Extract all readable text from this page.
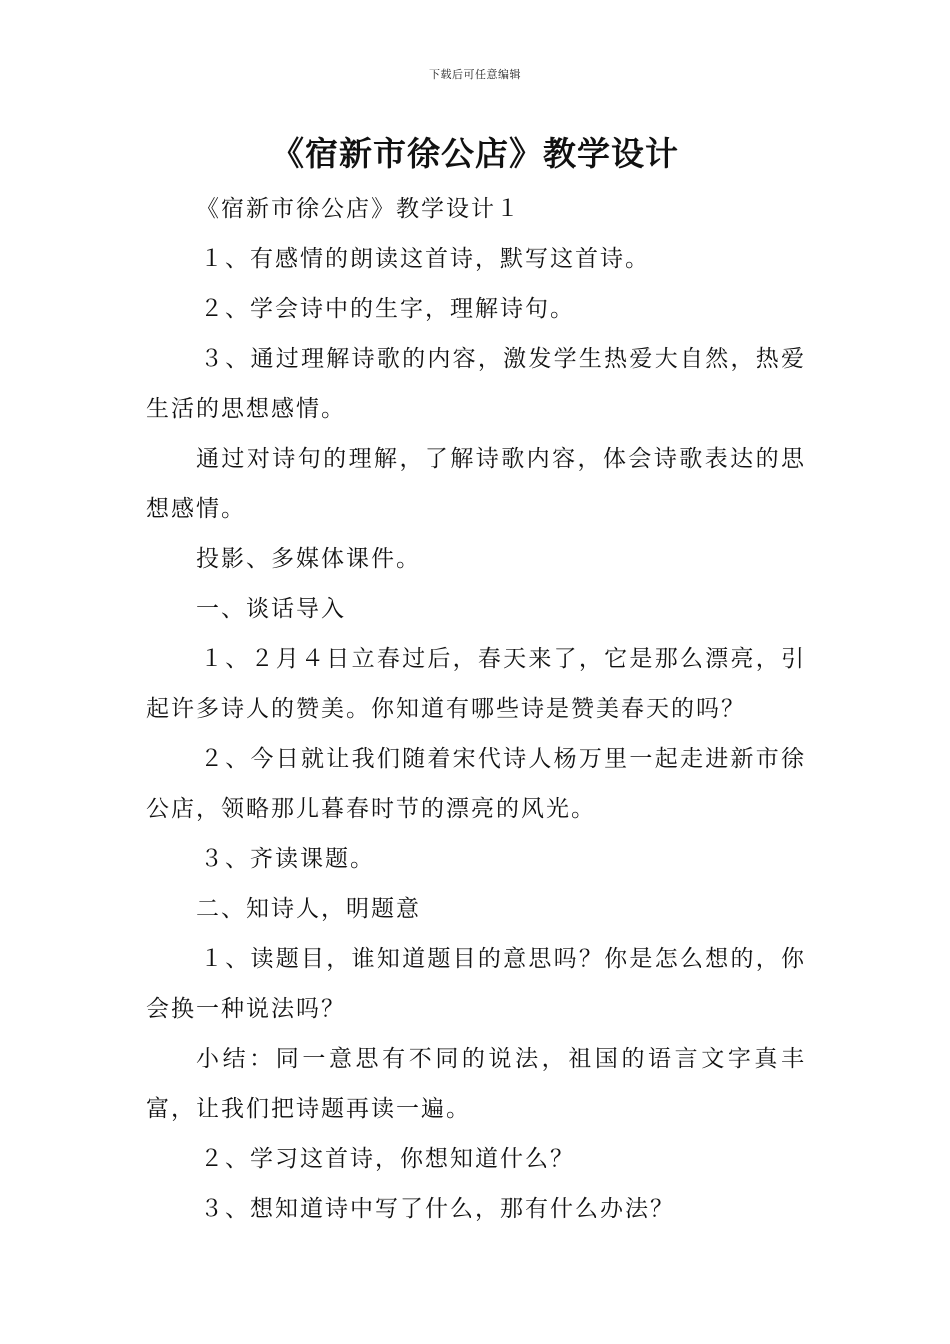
下载后可任意编辑
《宿新市徐公店》教学设计

《宿新市徐公店》教学设计１

１、有感情的朗读这首诗，默写这首诗。

２、学会诗中的生字，理解诗句。

３、通过理解诗歌的内容，激发学生热爱大自然，热爱生活的思想感情。

通过对诗句的理解，了解诗歌内容，体会诗歌表达的思想感情。

投影、多媒体课件。

一、谈话导入

１、２月４日立春过后，春天来了，它是那么漂亮，引起许多诗人的赞美。你知道有哪些诗是赞美春天的吗？

２、今日就让我们随着宋代诗人杨万里一起走进新市徐公店，领略那儿暮春时节的漂亮的风光。

３、齐读课题。

二、知诗人，明题意

１、读题目，谁知道题目的意思吗？你是怎么想的，你会换一种说法吗？

小结：同一意思有不同的说法，祖国的语言文字真丰富，让我们把诗题再读一遍。

２、学习这首诗，你想知道什么？

３、想知道诗中写了什么，那有什么办法？
